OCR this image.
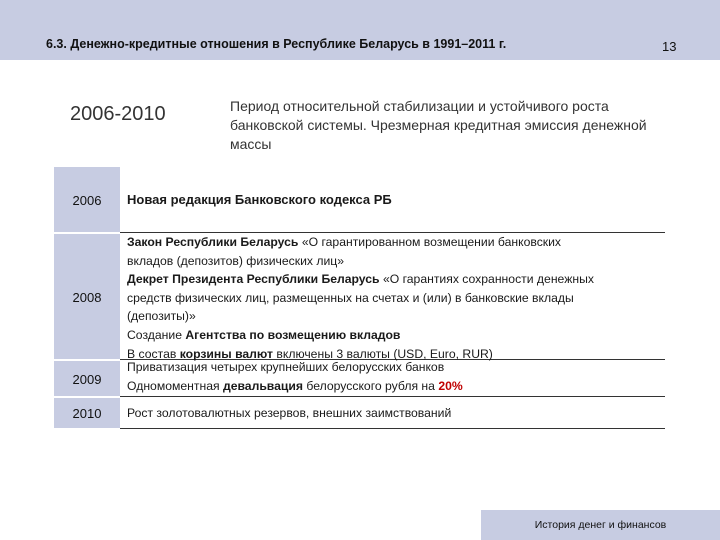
6.3. Денежно-кредитные отношения в Республике Беларусь в 1991–2011 г.	13
2006-2010	Период относительной стабилизации и устойчивого роста банковской системы. Чрезмерная кредитная эмиссия денежной массы
2006
2008
2009
2010
Новая редакция Банковского кодекса РБ
Закон Республики Беларусь «О гарантированном возмещении банковских
вкладов (депозитов) физических лиц»
Декрет Президента Республики Беларусь «О гарантиях сохранности денежных
средств физических лиц, размещенных на счетах и (или) в банковские вклады
(депозиты)»
Создание Агентства по возмещению вкладов
В состав корзины валют включены 3 валюты (USD, Euro, RUR)
Приватизация четырех крупнейших белорусских банков
Одномоментная девальвация белорусского рубля на 20%
Рост золотовалютных резервов, внешних заимствований
История денег и финансов
